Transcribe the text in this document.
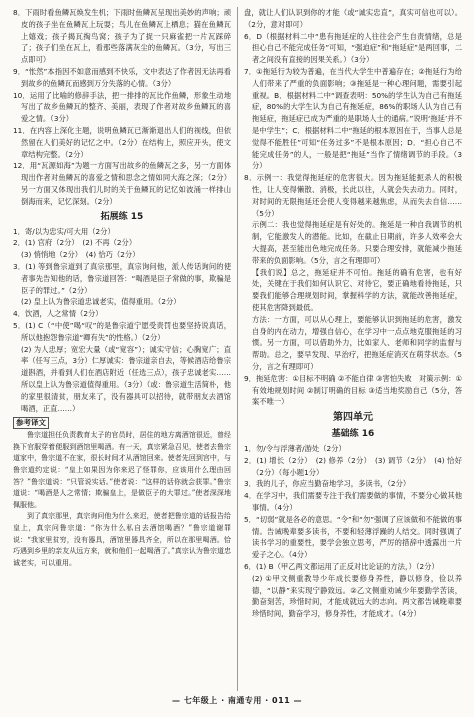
8．下雨时看鱼鳞瓦焕发生机；下雨时鱼鳞瓦呈现出美妙的声响；顽皮的孩子坐在鱼鳞瓦上玩耍；鸟儿在鱼鳞瓦上栖息；猫在鱼鳞瓦上嬉戏；孩子揭瓦掏鸟窝；孩子为了捉一只麻雀把一片瓦踩碎了；孩子们坐在瓦上，看那些落满灰尘的鱼鳞瓦。（3分，写出三点即可）

9．“怅然”本指因不如意而感到不快乐，文中表达了作者因无法再看到故乡的鱼鳞瓦而感到万分失落的心情。（3分）

10．运用了比喻的修辞手法，把一排排的瓦比作鱼鳞，形象生动地写出了故乡鱼鳞瓦的整齐、美丽，表现了作者对故乡鱼鳞瓦的喜爱之情。（3分）

11．在内容上深化主题，说明鱼鳞瓦已渐渐退出人们的视线，但依然留在人们美好的记忆之中。（2分）在结构上，照应开头，使文章结构完整。（2分）

12．用“瓦源如海”为题一方面写出故乡的鱼鳞瓦之多，另一方面体现出作者对鱼鳞瓦的喜爱之情和思念之情如同大海之深；（2分）另一方面又体现出我们儿时的关于鱼鳞瓦的记忆如波涌一样排山倒海而来，记忆深刻。（2分）

拓展练 15

1．寄/以为忠实/可大用（2分）

2．(1) 官府（2分）　(2) 不再（2分）

(3) 悄悄地（2分）　(4) 恰巧（2分）

3．(1) 等到鲁宗道到了真宗那里，真宗询问他，派人传话询问的使者事先告知他的话，鲁宗道回答：“喝酒是臣子常做的事，欺骗是臣子的罪过。”（2分）

(2) 皇上认为鲁宗道忠诚老实，值得重用。（2分）

4．饮酒，人之常情（2分）

5．(1) C（“中使”喝“叹”的是鲁宗道宁愿受责罚也要坚持说真话，所以他抱怨鲁宗道“卿有失”的性格。）（2分）

(2) 为人忠厚；宽宏大量（或“宽容”）；诚实守信；心胸宽广；直率（任写三点，3分）仁厚诚实：鲁宗道亲自去，等候酒店给鲁宗道斟酒，并看到人们在酒店附近（任选三点），孩子忠诚老实……所以皇上认为鲁宗道值得重用。（3分）（或：鲁宗道生活简朴，他的家里很清贫，朋友来了，没有器具可以招待，就带朋友去酒馆喝酒，正直……）

参考译文

鲁宗道担任负责教育太子的官员时，居住的地方离酒馆很近，曾经换下官服穿着便服到酒馆里喝酒。有一天，真宗紧急召见，使者去鲁宗道家中，鲁宗道不在家，很长时间才从酒馆回来。使者先回到宫中，与鲁宗道约定说：“皇上如果因为你来迟了怪罪你，应该用什么理由回答？”鲁宗道说：“只管说实话。”使者说：“这样的话你就会获罪。”鲁宗道说：“喝酒是人之常情；欺骗皇上，是做臣子的大罪过。”使者深深地佩服他。

到了真宗那里，真宗询问他为什么来迟，使者把鲁宗道的话报告给皇上，真宗问鲁宗道：“你为什么私自去酒馆喝酒？”鲁宗道谢罪说：“我家里贫穷，没有器具，酒馆里器具齐全，所以在那里喝酒。恰巧遇到乡里的亲友从远方来，就和他们一起喝酒了。”真宗认为鲁宗道忠诚老实，可以重用。

盘，就让人们认识到你的才能（或“诚实忠直”，真实可信也可以）。（2分，意对即可）

6．D（根据材料二中“患有拖延症的人往往会产生自责情绪，总是担心自己不能完成任务”可知，“强迫症”和“拖延症”是两回事，二者之间没有直接的因果关系。）（3分）

7．①拖延行为较为普遍，在当代大学生中普遍存在；②拖延行为给人们带来了严重的负面影响；③拖延是一种心理问题，需要引起重视。B．根据材料二中“调查表明：50%的学生认为自己有拖延症，80%的大学生认为自己有拖延症，86%的职场人认为自己有拖延症，拖延症已成为严重的是职场人士的通病。”说明‘拖延’并不是中学生”；C．根据材料二中“拖延的根本原因在于，当事人总是觉得不能胜任”可知“任务过多”不是根本原因；D．“担心自己不能完成任务”的人，一般是把“拖延”当作了情绪调节的手段。（3分）

8．示例一：我觉得拖延症的危害很大。因为拖延能扼杀人的积极性，让人变得懒散、消极，长此以往，人就会失去动力。同时，对时间的无限拖延还会使人变得越来越焦虑，从而失去自信……（5分）

示例二：我也觉得拖延症是有好处的。拖延是一种自我调节的机制，它能激发人的潜能。比如，在截止日期前，许多人效率会大大提高，甚至能出色地完成任务。只要合理安排，就能减少拖延带来的负面影响。（5分，言之有理即可）

【我们说】总之，拖延症并不可怕。拖延的确有危害，也有好处，关键在于我们如何认识它、对待它，要正确地看待拖延，只要我们能够合理规划时间，掌握科学的方法，就能改善拖延症，使其危害降到最低。

方法：一方面，可以从心理上，要能够认识到拖延的危害，激发自身的内在动力，增强自信心，在学习中一点点地克服拖延的习惯。另一方面，可以借助外力，比如家人、老师和同学的监督与帮助。总之，要早发现、早治疗，把拖延症消灭在萌芽状态。（5分，言之有理即可）

9．拖延危害：①目标不明确 ②不能自律 ③害怕失败　对策示例：①有效地规划时间 ②制订明确的目标 ③适当地奖励自己（5分，答案不唯一）

第四单元
基础练 16

1．勿/令与浮薄者/游处（2分）

2．(1) 增长（2分）　(2) 修养（2分）　(3) 调节（2分）　(4) 恰好（2分）（每小题1分）

3．我的儿子，你应当勤奋地学习，多读书，（2分）

4．在学习中，我们需要专注于我们需要做的事情，不要分心做其他事情。（4分）

5．“切弱”就是各必的意思。“令”和“勿”强调了应该做和不能做的事情。告诫晚辈要多读书，不要和轻薄浮躁的人结交。同时强调了读书学习的重要性，要学会独立思考，严厉的措辞中透露出一片爱子之心。（4分）

6．(1) B（甲乙两文都运用了正反对比论证的方法，）（2分）

(2) ①甲文侧重教导少年成长要修身养性，静以修身，俭以养德，“以静”来实现宁静致远。②乙文侧重劝诫少年要勤学苦读，勤奋刻苦，珍惜时间，才能成就远大的志向。两文都告诫晚辈要珍惜时间，勤奋学习，修身养性，才能成才。（4分）

— 七年级上 · 南通专用 · 011 —
